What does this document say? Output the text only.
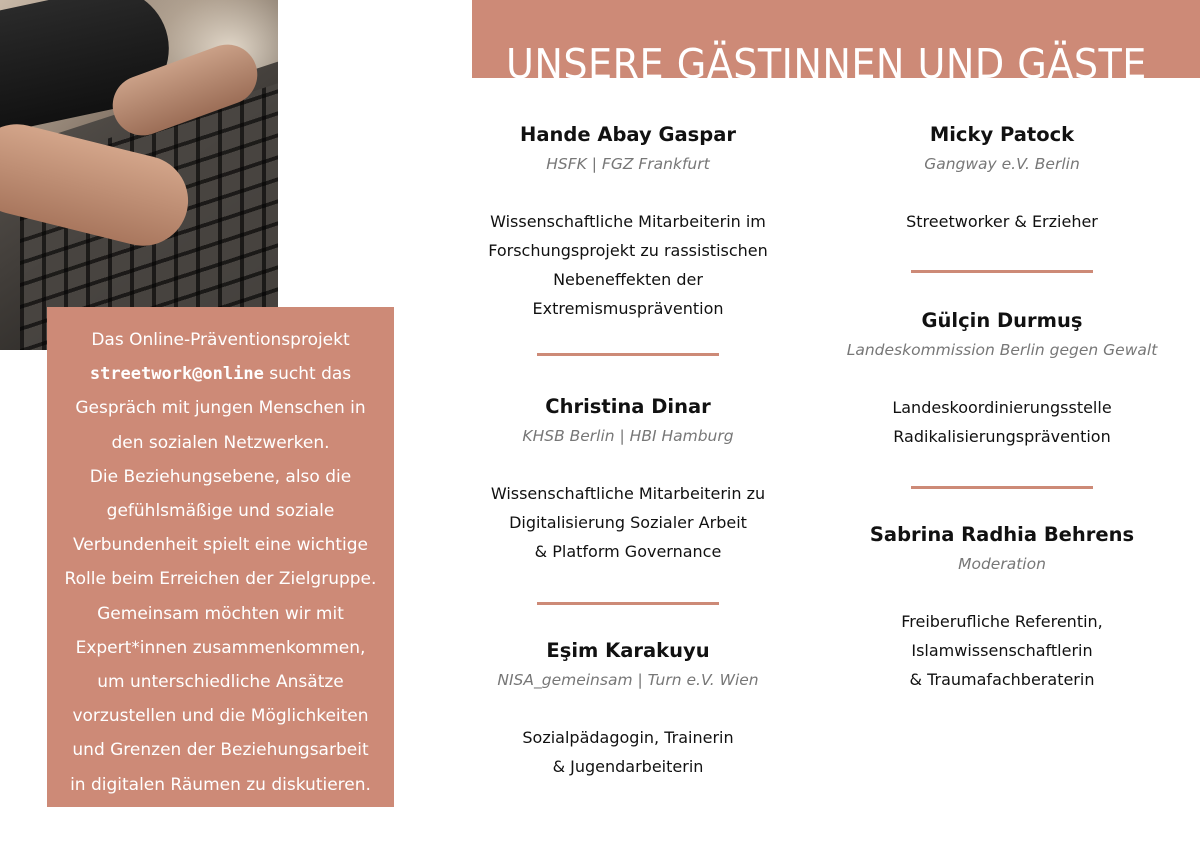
UNSERE GÄSTINNEN UND GÄSTE
Das Online-Präventionsprojekt
streetwork@online sucht das
Gespräch mit jungen Menschen in
den sozialen Netzwerken.
Die Beziehungsebene, also die
gefühlsmäßige und soziale
Verbundenheit spielt eine wichtige
Rolle beim Erreichen der Zielgruppe.
Gemeinsam möchten wir mit
Expert*innen zusammenkommen,
um unterschiedliche Ansätze
vorzustellen und die Möglichkeiten
und Grenzen der Beziehungsarbeit
in digitalen Räumen zu diskutieren.
Hande Abay Gaspar
HSFK | FGZ Frankfurt
Wissenschaftliche Mitarbeiterin im
Forschungsprojekt zu rassistischen
Nebeneffekten der
Extremismusprävention
Christina Dinar
KHSB Berlin | HBI Hamburg
Wissenschaftliche Mitarbeiterin zu
Digitalisierung Sozialer Arbeit
& Platform Governance
Eşim Karakuyu
NISA_gemeinsam | Turn e.V. Wien
Sozialpädagogin, Trainerin
& Jugendarbeiterin
Micky Patock
Gangway e.V. Berlin
Streetworker & Erzieher
Gülçin Durmuş
Landeskommission Berlin gegen Gewalt
Landeskoordinierungsstelle
Radikalisierungsprävention
Sabrina Radhia Behrens
Moderation
Freiberufliche Referentin,
Islamwissenschaftlerin
& Traumafachberaterin
